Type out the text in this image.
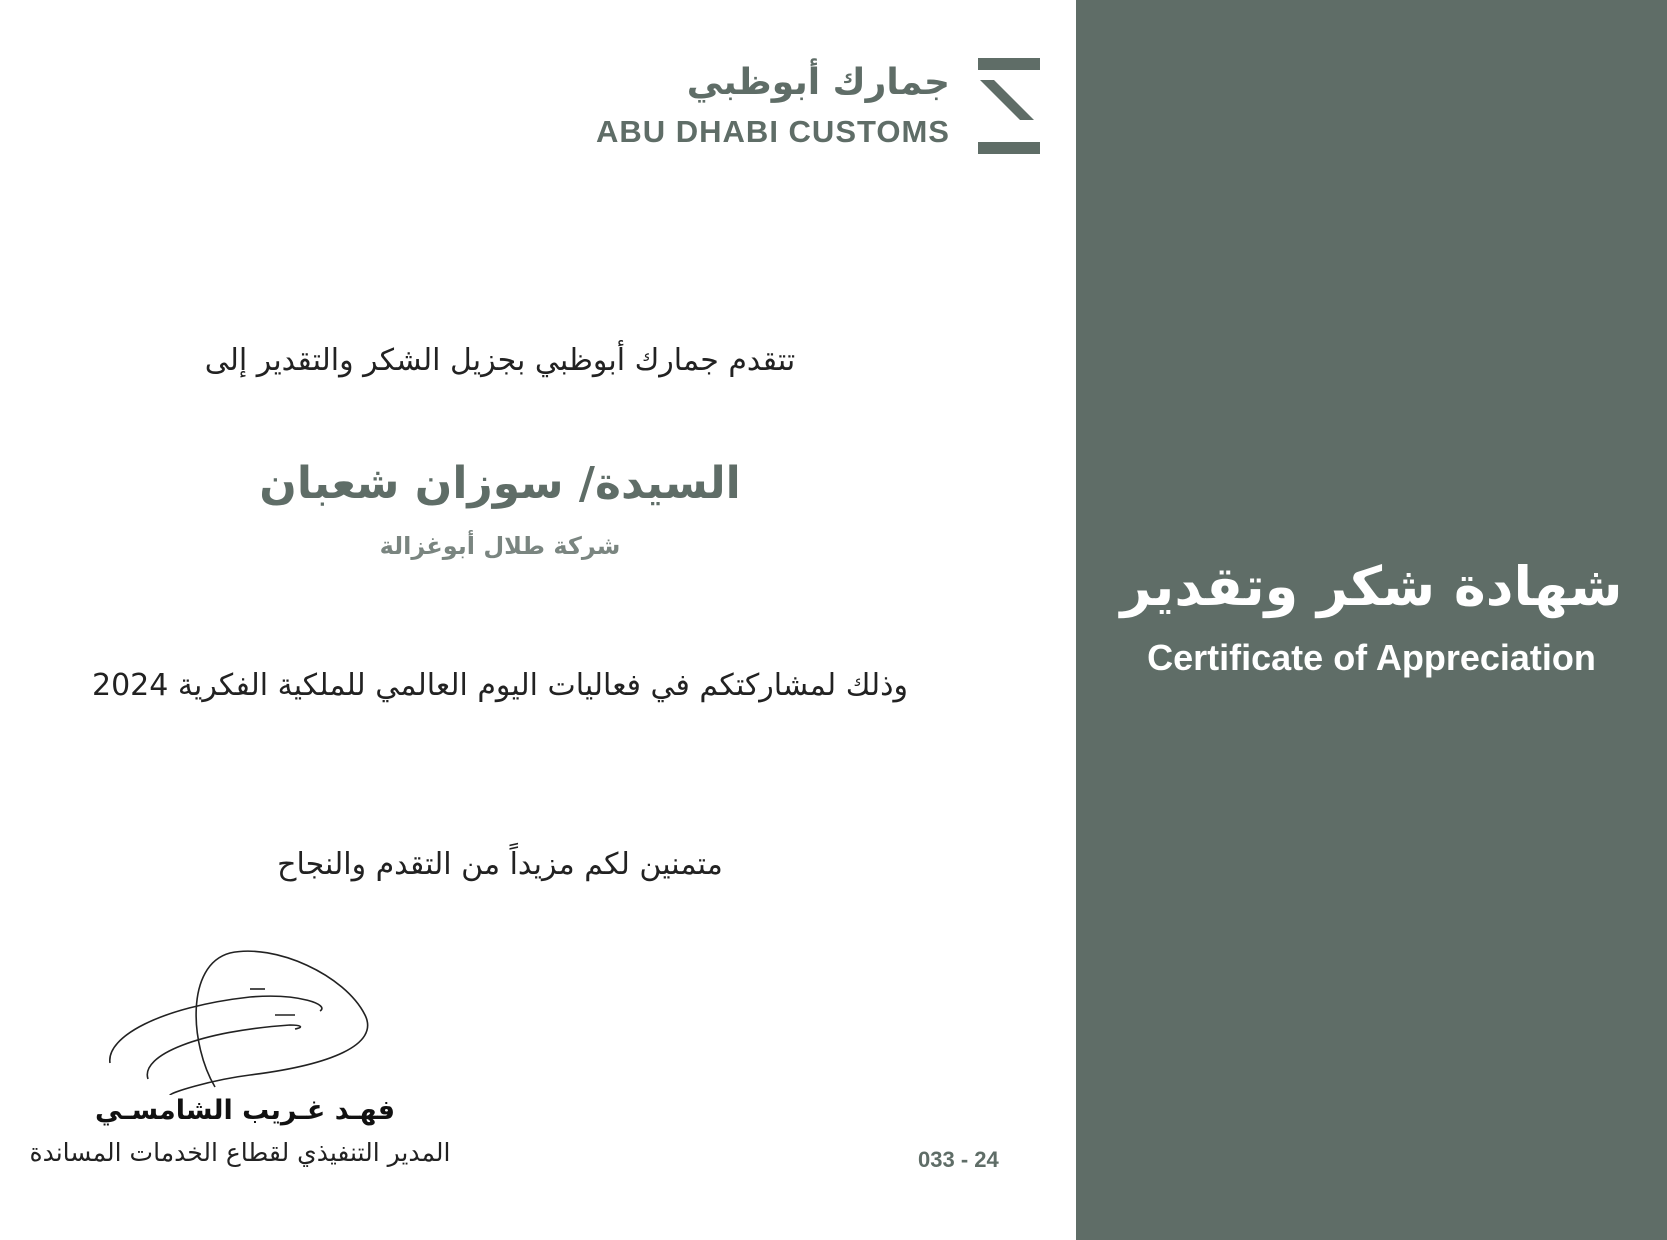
جمارك أبوظبي
ABU DHABI CUSTOMS
تتقدم جمارك أبوظبي بجزيل الشكر والتقدير إلى
السيدة/ سوزان شعبان
شركة طلال أبوغزالة
وذلك لمشاركتكم في فعاليات اليوم العالمي للملكية الفكرية 2024
متمنين لكم مزيداً من التقدم والنجاح
فهـد غـريب الشامسـي
المدير التنفيذي لقطاع الخدمات المساندة	033 - 24
شهادة شكر وتقدير
Certificate of Appreciation
